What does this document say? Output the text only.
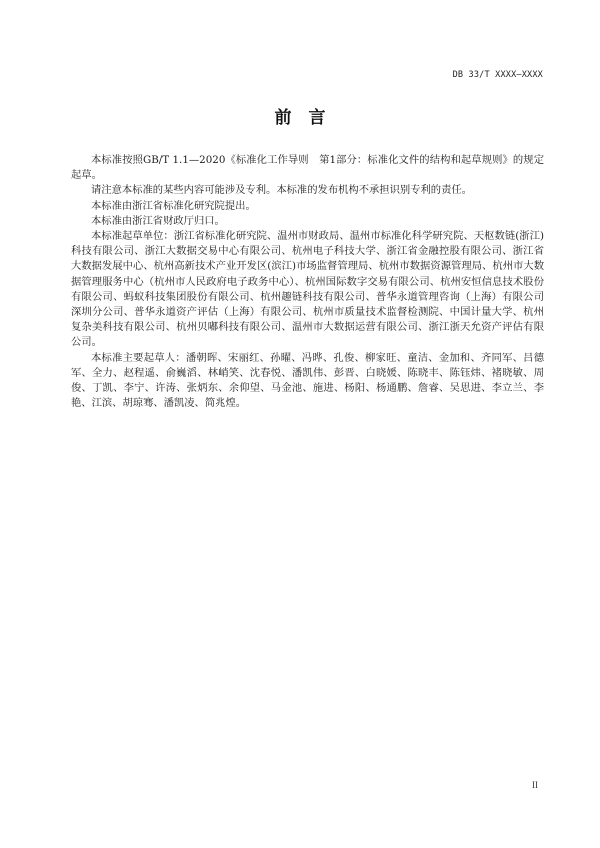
DB 33/T XXXX—XXXX
前　言

本标准按照GB/T 1.1—2020《标准化工作导则　第1部分：标准化文件的结构和起草规则》的规定起草。

请注意本标准的某些内容可能涉及专利。本标准的发布机构不承担识别专利的责任。

本标准由浙江省标准化研究院提出。

本标准由浙江省财政厅归口。

本标准起草单位：浙江省标准化研究院、温州市财政局、温州市标准化科学研究院、天枢数链(浙江)科技有限公司、浙江大数据交易中心有限公司、杭州电子科技大学、浙江省金融控股有限公司、浙江省大数据发展中心、杭州高新技术产业开发区(滨江)市场监督管理局、杭州市数据资源管理局、杭州市大数据管理服务中心（杭州市人民政府电子政务中心）、杭州国际数字交易有限公司、杭州安恒信息技术股份有限公司、蚂蚁科技集团股份有限公司、杭州趣链科技有限公司、普华永道管理咨询（上海）有限公司深圳分公司、普华永道资产评估（上海）有限公司、杭州市质量技术监督检测院、中国计量大学、杭州复杂美科技有限公司、杭州贝嘟科技有限公司、温州市大数据运营有限公司、浙江浙天允资产评估有限公司。

本标准主要起草人：潘朝晖、宋丽红、孙曜、冯晔、孔俊、柳家旺、童洁、金加和、齐同军、吕德军、全力、赵程遥、俞巍滔、林峭笑、沈春悦、潘凯伟、彭晋、白晓媛、陈晓丰、陈钰炜、褚晓敏、周俊、丁凯、李宁、许涛、张炳东、余仰望、马金池、施进、杨阳、杨通鹏、詹睿、吴思进、李立兰、李艳、江滨、胡琼骞、潘凯凌、简兆煌。

II
